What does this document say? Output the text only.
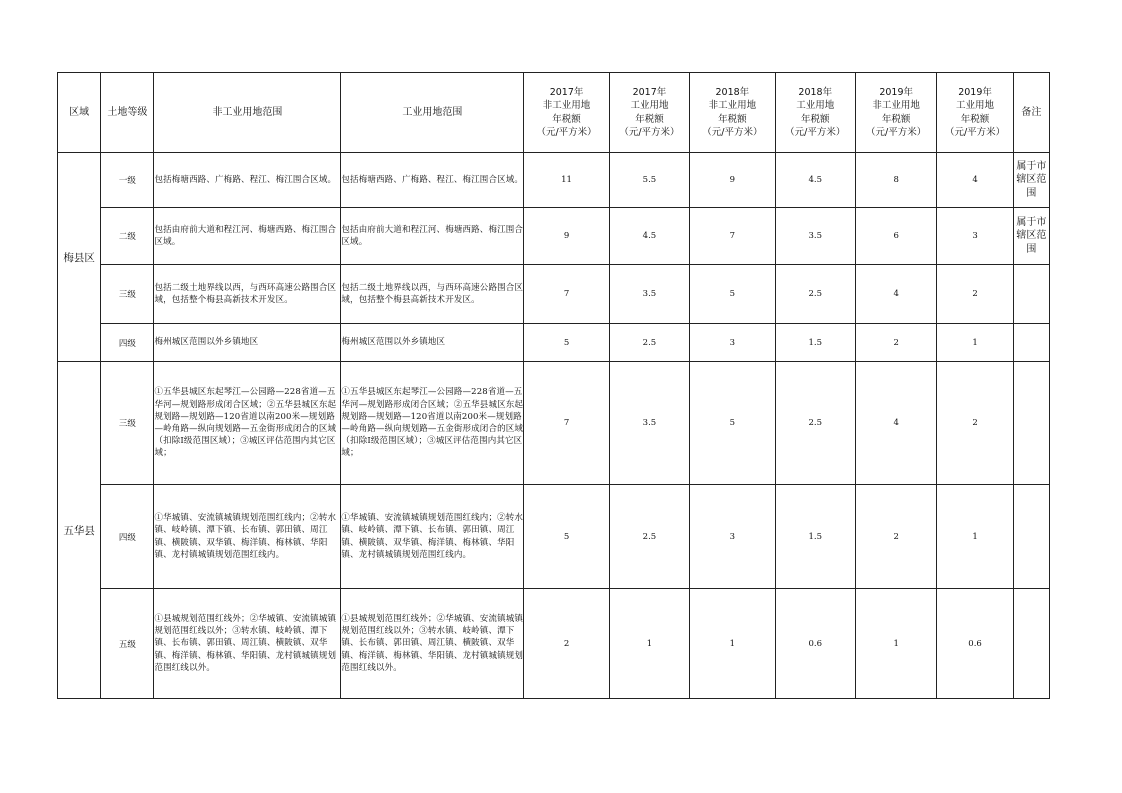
区域	土地等级	非工业用地范围	工业用地范围	2017年
非工业用地
年税额
（元/平方米）	2017年
工业用地
年税额
（元/平方米）	2018年
非工业用地
年税额
（元/平方米）	2018年
工业用地
年税额
（元/平方米）	2019年
非工业用地
年税额
（元/平方米）	2019年
工业用地
年税额
（元/平方米）	备注
梅县区	一级	包括梅塘西路、广梅路、程江、梅江围合区域。	包括梅塘西路、广梅路、程江、梅江围合区域。	11	5.5	9	4.5	8	4	属于市辖区范围
	二级	包括由府前大道和程江河、梅塘西路、梅江围合区域。	包括由府前大道和程江河、梅塘西路、梅江围合区域。	9	4.5	7	3.5	6	3	属于市辖区范围
	三级	包括二级土地界线以西，与西环高速公路围合区域，包括整个梅县高新技术开发区。	包括二级土地界线以西，与西环高速公路围合区域，包括整个梅县高新技术开发区。	7	3.5	5	2.5	4	2	
	四级	梅州城区范围以外乡镇地区	梅州城区范围以外乡镇地区	5	2.5	3	1.5	2	1	
五华县	三级	①五华县城区东起琴江—公园路—228省道—五华河—规划路形成闭合区域；②五华县城区东起规划路—规划路—120省道以南200米—规划路—岭角路—纵向规划路—五金街形成闭合的区域（扣除Ⅰ级范围区域）；③城区评估范围内其它区域；	①五华县城区东起琴江—公园路—228省道—五华河—规划路形成闭合区域；②五华县城区东起规划路—规划路—120省道以南200米—规划路—岭角路—纵向规划路—五金街形成闭合的区域（扣除Ⅰ级范围区域）；③城区评估范围内其它区域；	7	3.5	5	2.5	4	2	
	四级	①华城镇、安流镇城镇规划范围红线内；②转水镇、岐岭镇、潭下镇、长布镇、郭田镇、周江镇、横陂镇、双华镇、梅洋镇、梅林镇、华阳镇、龙村镇城镇规划范围红线内。	①华城镇、安流镇城镇规划范围红线内；②转水镇、岐岭镇、潭下镇、长布镇、郭田镇、周江镇、横陂镇、双华镇、梅洋镇、梅林镇、华阳镇、龙村镇城镇规划范围红线内。	5	2.5	3	1.5	2	1	
	五级	①县城规划范围红线外；②华城镇、安流镇城镇规划范围红线以外；③转水镇、岐岭镇、潭下镇、长布镇、郭田镇、周江镇、横陂镇、双华镇、梅洋镇、梅林镇、华阳镇、龙村镇城镇规划范围红线以外。	①县城规划范围红线外；②华城镇、安流镇城镇规划范围红线以外；③转水镇、岐岭镇、潭下镇、长布镇、郭田镇、周江镇、横陂镇、双华镇、梅洋镇、梅林镇、华阳镇、龙村镇城镇规划范围红线以外。	2	1	1	0.6	1	0.6	
